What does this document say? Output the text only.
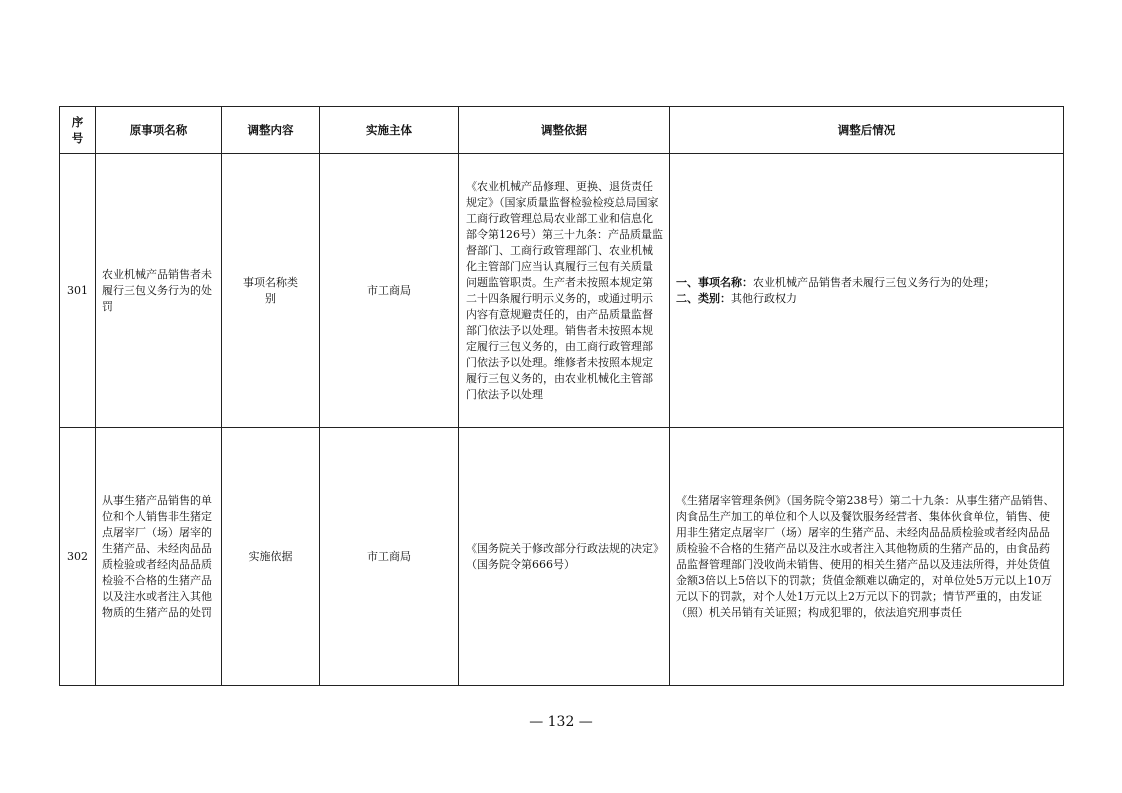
序
号	原事项名称	调整内容	实施主体	调整依据	调整后情况
301	农业机械产品销售者未履行三包义务行为的处罚	事项名称类别	市工商局	《农业机械产品修理、更换、退货责任规定》（国家质量监督检验检疫总局国家工商行政管理总局农业部工业和信息化部令第126号）第三十九条：产品质量监督部门、工商行政管理部门、农业机械化主管部门应当认真履行三包有关质量问题监管职责。生产者未按照本规定第二十四条履行明示义务的，或通过明示内容有意规避责任的，由产品质量监督部门依法予以处理。销售者未按照本规定履行三包义务的，由工商行政管理部门依法予以处理。维修者未按照本规定履行三包义务的，由农业机械化主管部门依法予以处理	一、事项名称：农业机械产品销售者未履行三包义务行为的处理；
二、类别：其他行政权力

302	从事生猪产品销售的单位和个人销售非生猪定点屠宰厂（场）屠宰的生猪产品、未经肉品品质检验或者经肉品品质检验不合格的生猪产品以及注水或者注入其他物质的生猪产品的处罚	实施依据	市工商局	《国务院关于修改部分行政法规的决定》（国务院令第666号）	《生猪屠宰管理条例》（国务院令第238号）第二十九条：从事生猪产品销售、肉食品生产加工的单位和个人以及餐饮服务经营者、集体伙食单位，销售、使用非生猪定点屠宰厂（场）屠宰的生猪产品、未经肉品品质检验或者经肉品品质检验不合格的生猪产品以及注水或者注入其他物质的生猪产品的，由食品药品监督管理部门没收尚未销售、使用的相关生猪产品以及违法所得，并处货值金额3倍以上5倍以下的罚款；货值金额难以确定的，对单位处5万元以上10万元以下的罚款，对个人处1万元以上2万元以下的罚款；情节严重的，由发证（照）机关吊销有关证照；构成犯罪的，依法追究刑事责任
— 132 —
